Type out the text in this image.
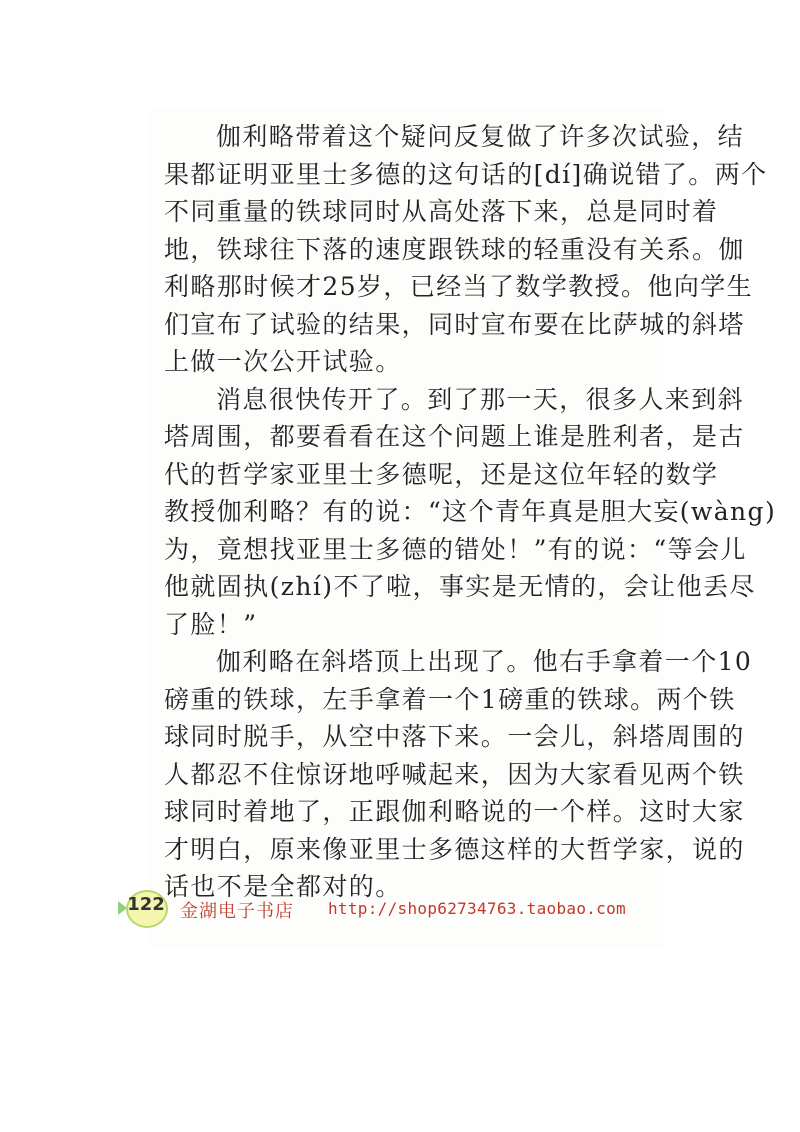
伽利略带着这个疑问反复做了许多次试验，结
果都证明亚里士多德的这句话的[dí]确说错了。两个
不同重量的铁球同时从高处落下来，总是同时着
地，铁球往下落的速度跟铁球的轻重没有关系。伽
利略那时候才25岁，已经当了数学教授。他向学生
们宣布了试验的结果，同时宣布要在比萨城的斜塔
上做一次公开试验。
消息很快传开了。到了那一天，很多人来到斜
塔周围，都要看看在这个问题上谁是胜利者，是古
代的哲学家亚里士多德呢，还是这位年轻的数学
教授伽利略？有的说：“这个青年真是胆大妄(wàng)
为，竟想找亚里士多德的错处！”有的说：“等会儿
他就固执(zhí)不了啦，事实是无情的，会让他丢尽
了脸！”
伽利略在斜塔顶上出现了。他右手拿着一个10
磅重的铁球，左手拿着一个1磅重的铁球。两个铁
球同时脱手，从空中落下来。一会儿，斜塔周围的
人都忍不住惊讶地呼喊起来，因为大家看见两个铁
球同时着地了，正跟伽利略说的一个样。这时大家
才明白，原来像亚里士多德这样的大哲学家，说的
话也不是全都对的。
122 金湖电子书店 http://shop62734763.taobao.com
